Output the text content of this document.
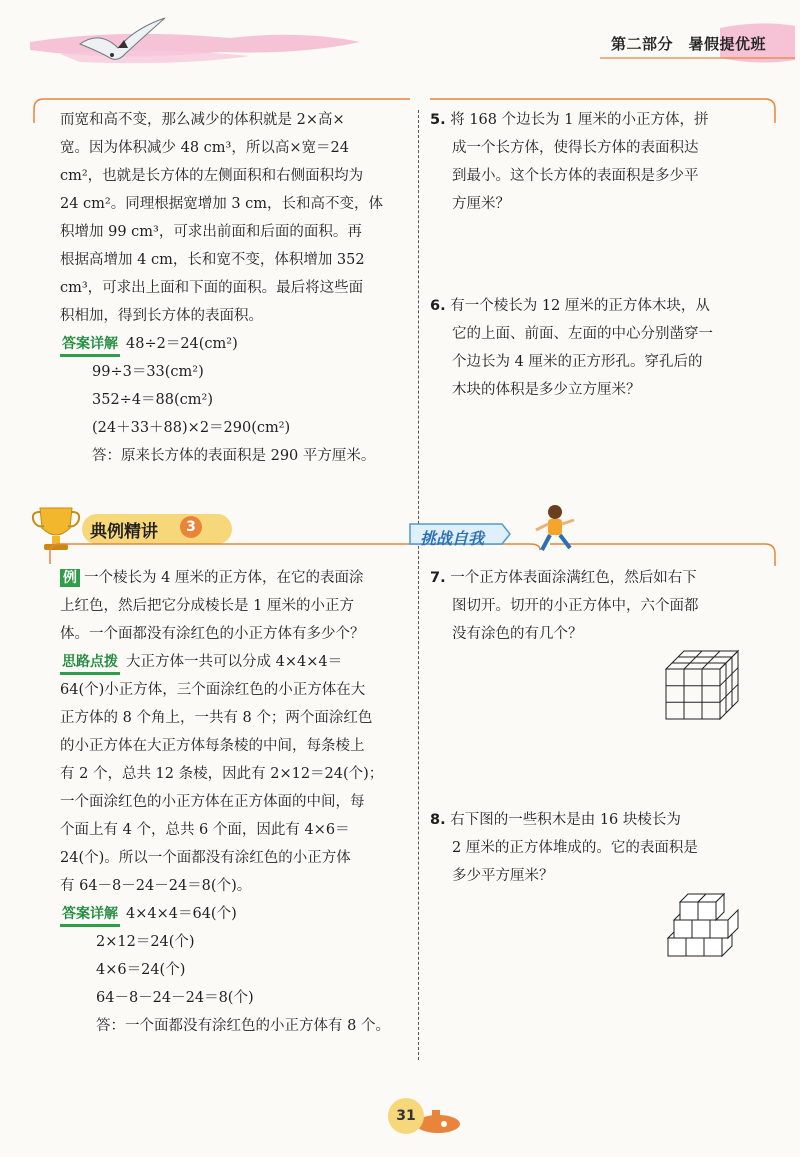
第二部分　暑假提优班
而宽和高不变，那么减少的体积就是 2×高×
宽。因为体积减少 48 cm³，所以高×宽＝24
cm²，也就是长方体的左侧面积和右侧面积均为
24 cm²。同理根据宽增加 3 cm，长和高不变，体
积增加 99 cm³，可求出前面和后面的面积。再
根据高增加 4 cm，长和宽不变，体积增加 352
cm³，可求出上面和下面的面积。最后将这些面
积相加，得到长方体的表面积。
答案详解 48÷2＝24(cm²)
99÷3＝33(cm²)
352÷4＝88(cm²)
(24＋33＋88)×2＝290(cm²)
答：原来长方体的表面积是 290 平方厘米。
5. 将 168 个边长为 1 厘米的小正方体，拼
成一个长方体，使得长方体的表面积达
到最小。这个长方体的表面积是多少平
方厘米？
6. 有一个棱长为 12 厘米的正方体木块，从
它的上面、前面、左面的中心分别凿穿一
个边长为 4 厘米的正方形孔。穿孔后的
木块的体积是多少立方厘米？
典例精讲	3
挑战自我
例 一个棱长为 4 厘米的正方体，在它的表面涂
上红色，然后把它分成棱长是 1 厘米的小正方
体。一个面都没有涂红色的小正方体有多少个？
思路点拨 大正方体一共可以分成 4×4×4＝
64(个)小正方体，三个面涂红色的小正方体在大
正方体的 8 个角上，一共有 8 个；两个面涂红色
的小正方体在大正方体每条棱的中间，每条棱上
有 2 个，总共 12 条棱，因此有 2×12＝24(个)；
一个面涂红色的小正方体在正方体面的中间，每
个面上有 4 个，总共 6 个面，因此有 4×6＝
24(个)。所以一个面都没有涂红色的小正方体
有 64－8－24－24＝8(个)。
答案详解 4×4×4＝64(个)
2×12＝24(个)
4×6＝24(个)
64－8－24－24＝8(个)
答：一个面都没有涂红色的小正方体有 8 个。
7. 一个正方体表面涂满红色，然后如右下
图切开。切开的小正方体中，六个面都
没有涂色的有几个？
8. 右下图的一些积木是由 16 块棱长为
2 厘米的正方体堆成的。它的表面积是
多少平方厘米？
31
